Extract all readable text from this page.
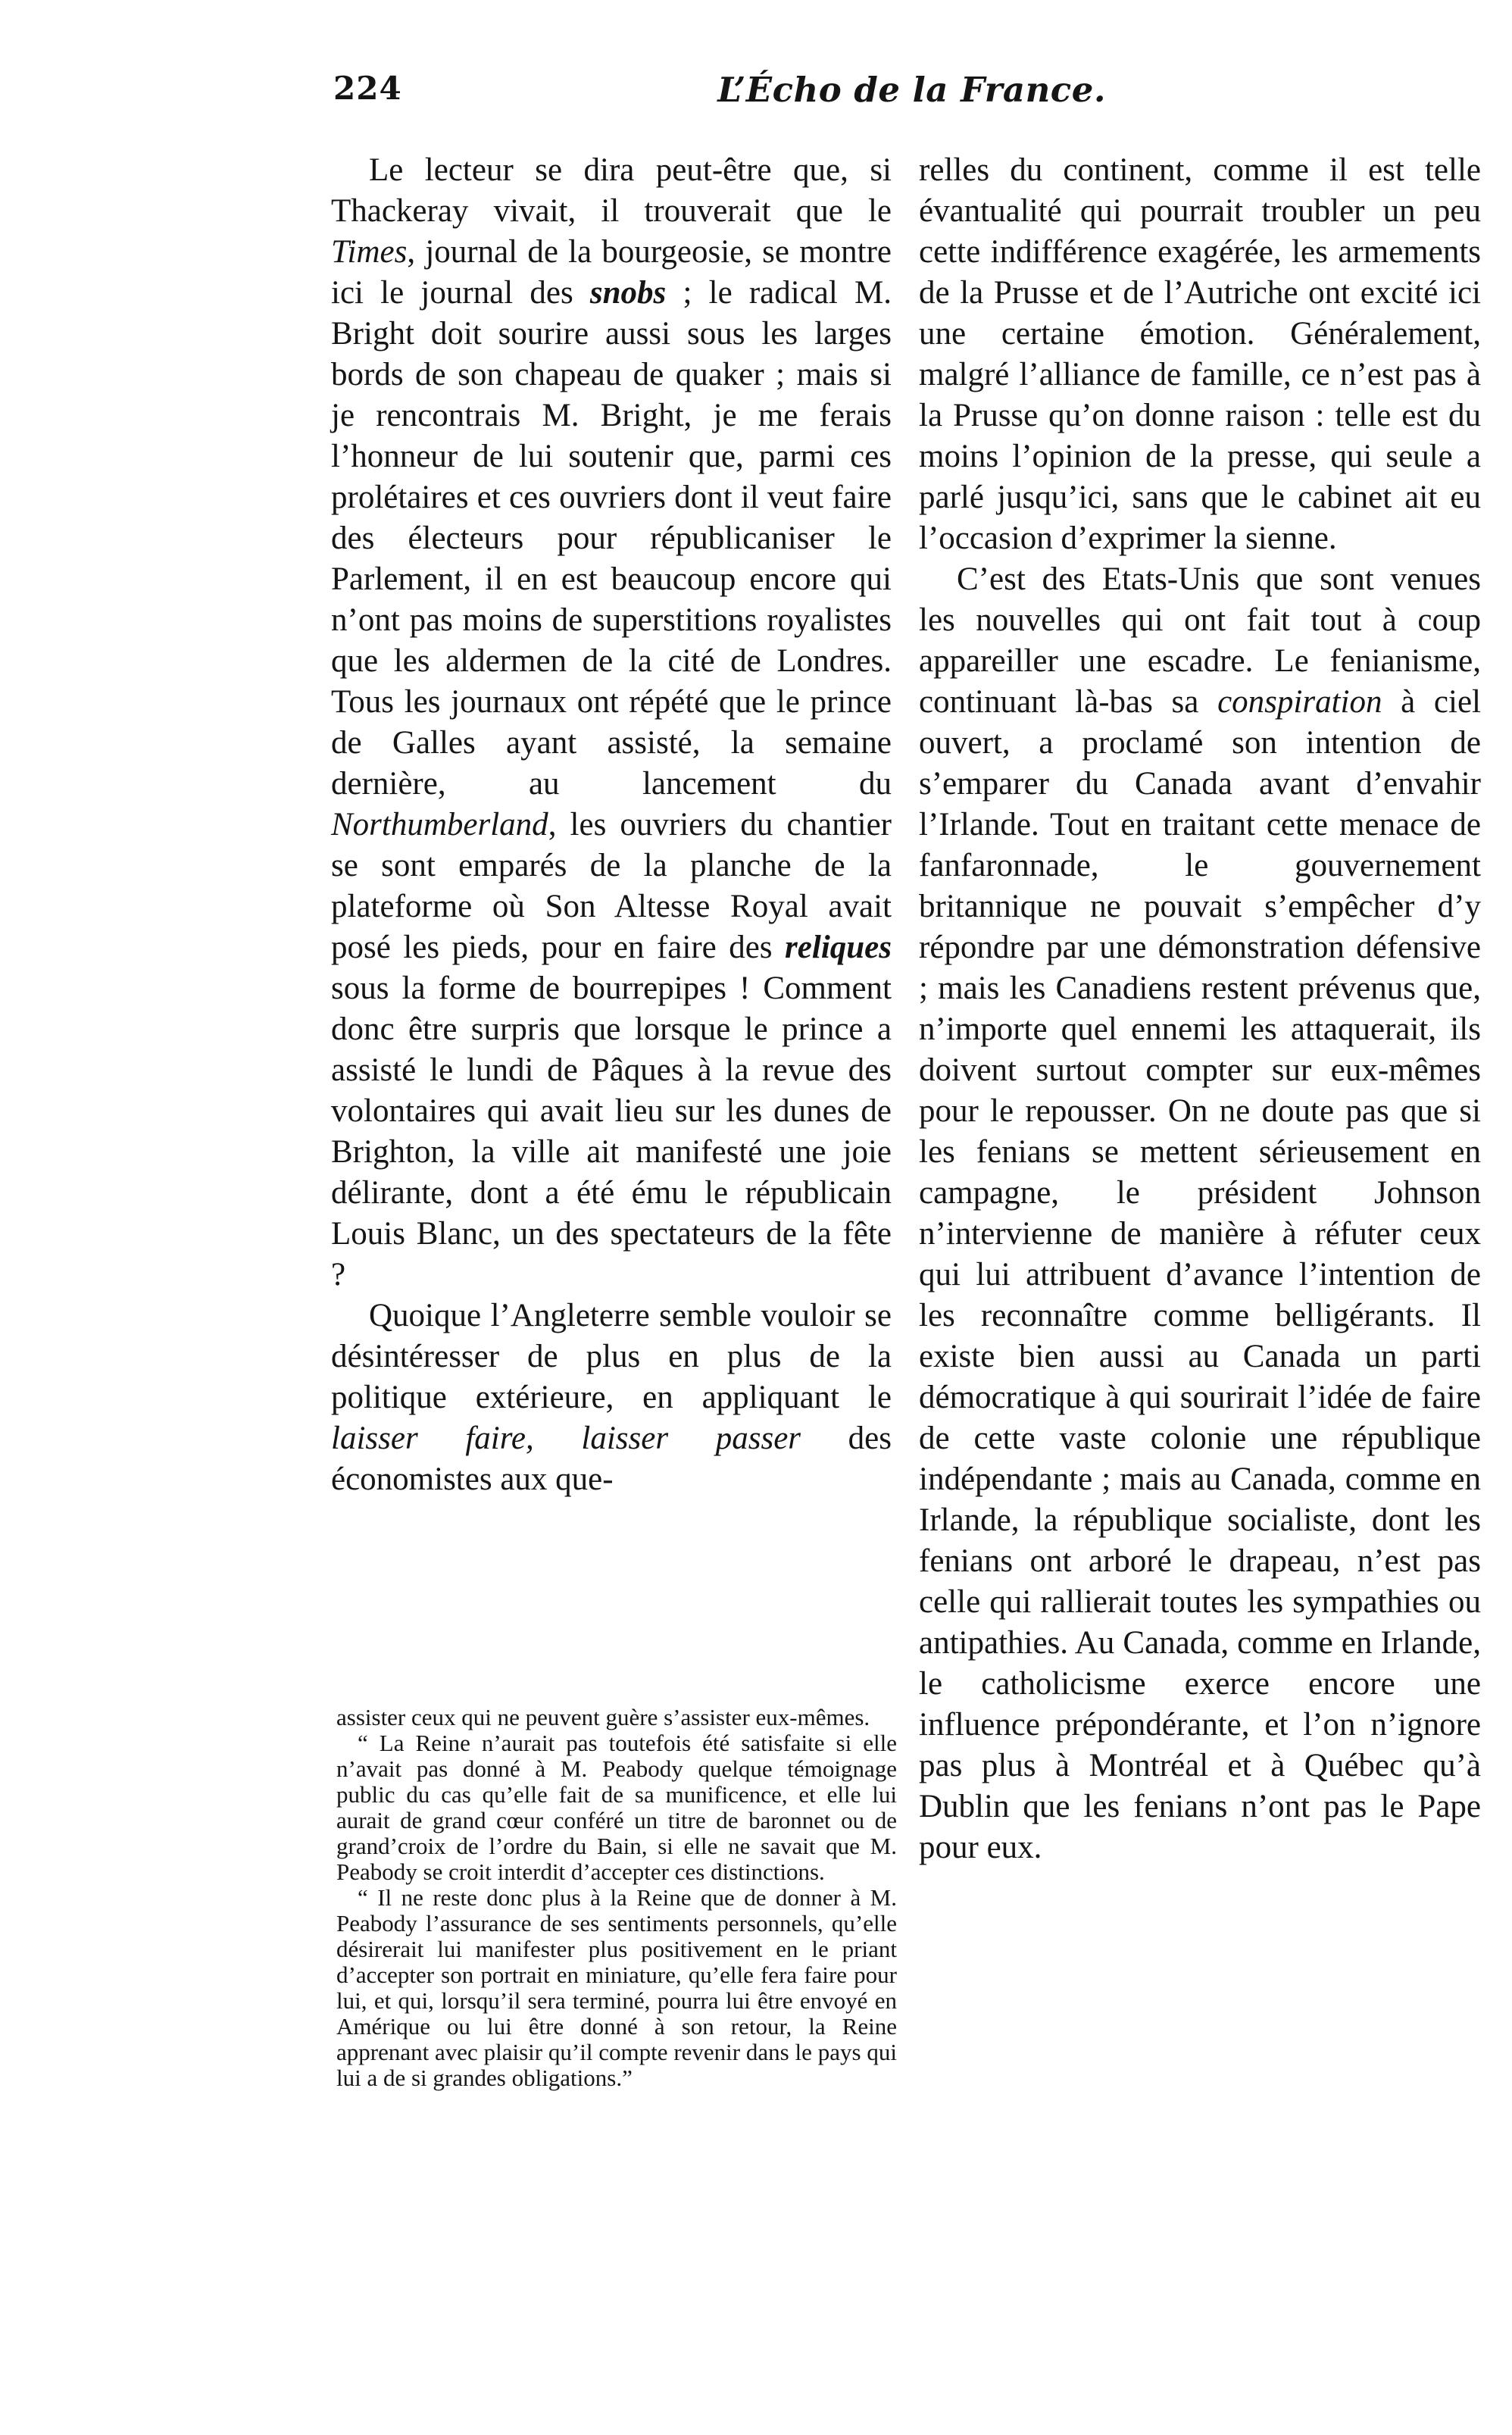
224	L’Écho de la France.

Le lecteur se dira peut-être que, si Thackeray vivait, il trouverait que le Times, journal de la bourgeosie, se montre ici le journal des snobs ; le radical M. Bright doit sourire aussi sous les larges bords de son chapeau de quaker ; mais si je rencontrais M. Bright, je me ferais l’honneur de lui soutenir que, parmi ces prolétaires et ces ouvriers dont il veut faire des électeurs pour républicaniser le Parlement, il en est beaucoup encore qui n’ont pas moins de superstitions royalistes que les aldermen de la cité de Londres. Tous les journaux ont répété que le prince de Galles ayant assisté, la semaine dernière, au lancement du Northumberland, les ouvriers du chantier se sont emparés de la planche de la plateforme où Son Altesse Royal avait posé les pieds, pour en faire des reliques sous la forme de bourrepipes ! Comment donc être surpris que lorsque le prince a assisté le lundi de Pâques à la revue des volontaires qui avait lieu sur les dunes de Brighton, la ville ait manifesté une joie délirante, dont a été ému le républicain Louis Blanc, un des spectateurs de la fête ?

Quoique l’Angleterre semble vouloir se désintéresser de plus en plus de la politique extérieure, en appliquant le laisser faire, laisser passer des économistes aux que-

assister ceux qui ne peuvent guère s’assister eux-mêmes.

“ La Reine n’aurait pas toutefois été satisfaite si elle n’avait pas donné à M. Peabody quelque témoignage public du cas qu’elle fait de sa munificence, et elle lui aurait de grand cœur conféré un titre de baronnet ou de grand’croix de l’ordre du Bain, si elle ne savait que M. Peabody se croit interdit d’accepter ces distinctions.

“ Il ne reste donc plus à la Reine que de donner à M. Peabody l’assurance de ses sentiments personnels, qu’elle désirerait lui manifester plus positivement en le priant d’accepter son portrait en miniature, qu’elle fera faire pour lui, et qui, lorsqu’il sera terminé, pourra lui être envoyé en Amérique ou lui être donné à son retour, la Reine apprenant avec plaisir qu’il compte revenir dans le pays qui lui a de si grandes obligations.”

relles du continent, comme il est telle évantualité qui pourrait troubler un peu cette indifférence exagérée, les armements de la Prusse et de l’Autriche ont excité ici une certaine émotion. Généralement, malgré l’alliance de famille, ce n’est pas à la Prusse qu’on donne raison : telle est du moins l’opinion de la presse, qui seule a parlé jusqu’ici, sans que le cabinet ait eu l’occasion d’exprimer la sienne.

C’est des Etats-Unis que sont venues les nouvelles qui ont fait tout à coup appareiller une escadre. Le fenianisme, continuant là-bas sa conspiration à ciel ouvert, a proclamé son intention de s’emparer du Canada avant d’envahir l’Irlande. Tout en traitant cette menace de fanfaronnade, le gouvernement britannique ne pouvait s’empêcher d’y répondre par une démonstration défensive ; mais les Canadiens restent prévenus que, n’importe quel ennemi les attaquerait, ils doivent surtout compter sur eux-mêmes pour le repousser. On ne doute pas que si les fenians se mettent sérieusement en campagne, le président Johnson n’intervienne de manière à réfuter ceux qui lui attribuent d’avance l’intention de les reconnaître comme belligérants. Il existe bien aussi au Canada un parti démocratique à qui sourirait l’idée de faire de cette vaste colonie une république indépendante ; mais au Canada, comme en Irlande, la république socialiste, dont les fenians ont arboré le drapeau, n’est pas celle qui rallierait toutes les sympathies ou antipathies. Au Canada, comme en Irlande, le catholicisme exerce encore une influence prépondérante, et l’on n’ignore pas plus à Montréal et à Québec qu’à Dublin que les fenians n’ont pas le Pape pour eux.
